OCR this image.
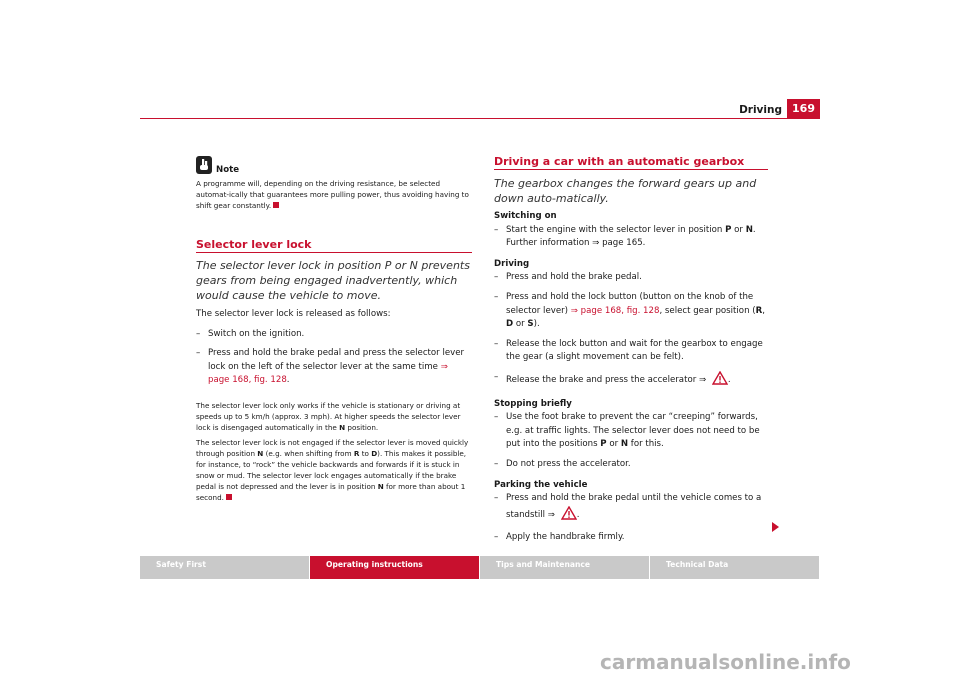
Driving 169
Note

A programme will, depending on the driving resistance, be selected automat-ically that guarantees more pulling power, thus avoiding having to shift gear constantly.

Selector lever lock
The selector lever lock in position P or N prevents gears from being engaged inadvertently, which would cause the vehicle to move.

The selector lever lock is released as follows:

– Switch on the ignition.
– Press and hold the brake pedal and press the selector lever lock on the left of the selector lever at the same time ⇒ page 168, fig. 128.

The selector lever lock only works if the vehicle is stationary or driving at speeds up to 5 km/h (approx. 3 mph). At higher speeds the selector lever lock is disengaged automatically in the N position.

The selector lever lock is not engaged if the selector lever is moved quickly through position N (e.g. when shifting from R to D). This makes it possible, for instance, to “rock” the vehicle backwards and forwards if it is stuck in snow or mud. The selector lever lock engages automatically if the brake pedal is not depressed and the lever is in position N for more than about 1 second.

Driving a car with an automatic gearbox
The gearbox changes the forward gears up and down auto-matically.

Switching on

– Start the engine with the selector lever in position P or N. Further information ⇒ page 165.

Driving

– Press and hold the brake pedal.
– Press and hold the lock button (button on the knob of the selector lever) ⇒ page 168, fig. 128, select gear position (R, D or S).
– Release the lock button and wait for the gearbox to engage the gear (a slight movement can be felt).
– Release the brake and press the accelerator ⇒	.

Stopping briefly

– Use the foot brake to prevent the car “creeping” forwards, e.g. at traffic lights. The selector lever does not need to be put into the positions P or N for this.
– Do not press the accelerator.

Parking the vehicle

– Press and hold the brake pedal until the vehicle comes to a standstill ⇒	.
– Apply the handbrake firmly.
Safety First	Operating instructions	Tips and Maintenance	Technical Data
carmanualsonline.info
